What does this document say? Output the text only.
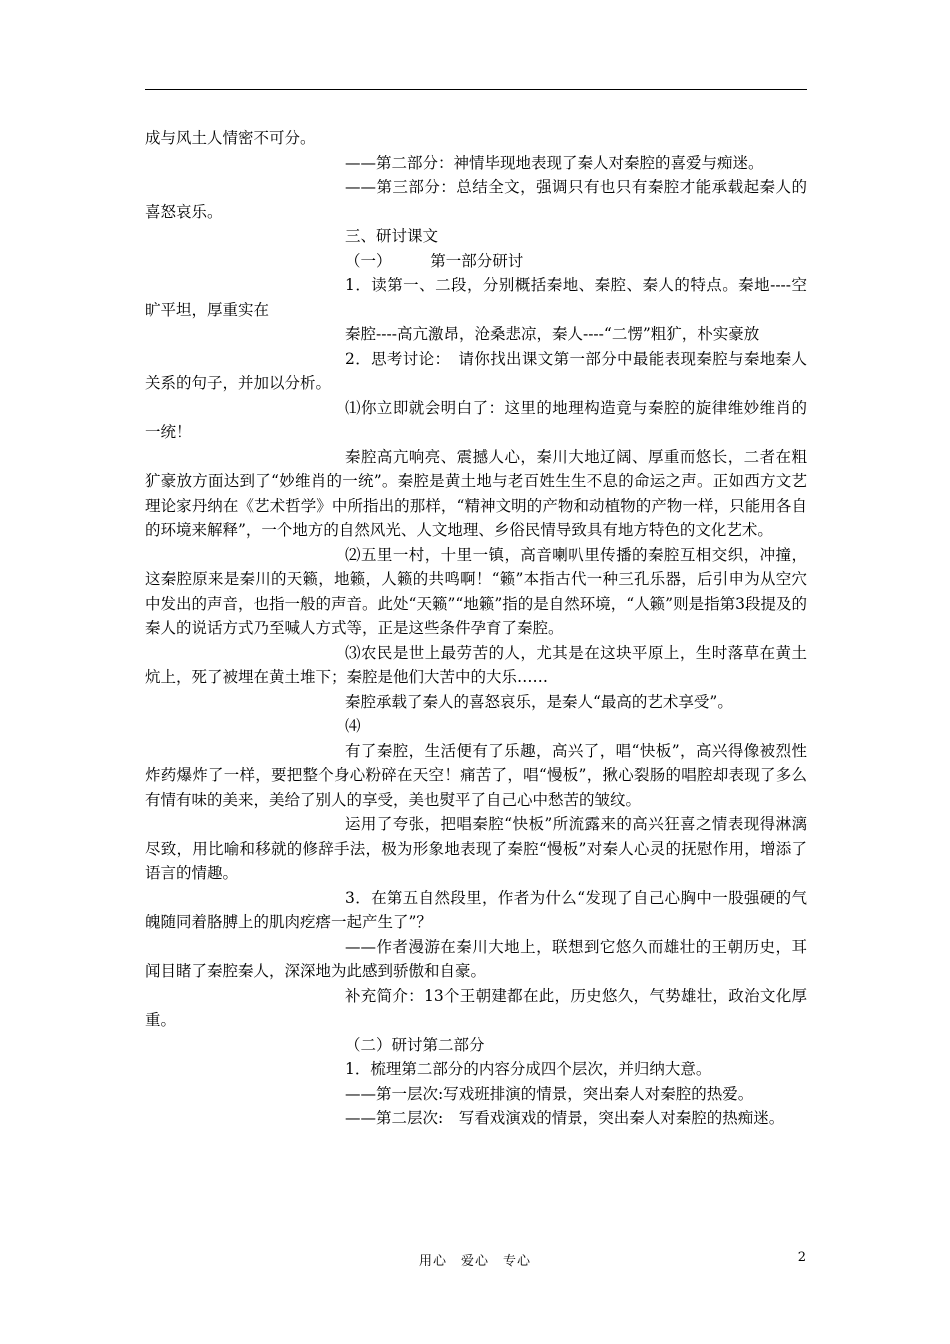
成与风土人情密不可分。

——第二部分：神情毕现地表现了秦人对秦腔的喜爱与痴迷。

——第三部分：总结全文，强调只有也只有秦腔才能承载起秦人的喜怒哀乐。

三、研讨课文

（一）　　　第一部分研讨

1．读第一、二段，分别概括秦地、秦腔、秦人的特点。秦地----空旷平坦，厚重实在

秦腔----高亢激昂，沧桑悲凉，秦人----“二愣”粗犷，朴实豪放

2．思考讨论：　请你找出课文第一部分中最能表现秦腔与秦地秦人关系的句子，并加以分析。

⑴你立即就会明白了：这里的地理构造竟与秦腔的旋律维妙维肖的一统！

秦腔高亢响亮、震撼人心，秦川大地辽阔、厚重而悠长，二者在粗犷豪放方面达到了“妙维肖的一统”。秦腔是黄土地与老百姓生生不息的命运之声。正如西方文艺理论家丹纳在《艺术哲学》中所指出的那样，“精神文明的产物和动植物的产物一样，只能用各自的环境来解释”，一个地方的自然风光、人文地理、乡俗民情导致具有地方特色的文化艺术。

⑵五里一村，十里一镇，高音喇叭里传播的秦腔互相交织，冲撞，这秦腔原来是秦川的天籁，地籁，人籁的共鸣啊！“籁”本指古代一种三孔乐器，后引申为从空穴中发出的声音，也指一般的声音。此处“天籁”“地籁”指的是自然环境，“人籁”则是指第3段提及的秦人的说话方式乃至喊人方式等，正是这些条件孕育了秦腔。

⑶农民是世上最劳苦的人，尤其是在这块平原上，生时落草在黄土炕上，死了被埋在黄土堆下；秦腔是他们大苦中的大乐……

秦腔承载了秦人的喜怒哀乐，是秦人“最高的艺术享受”。

⑷

有了秦腔，生活便有了乐趣，高兴了，唱“快板”，高兴得像被烈性炸药爆炸了一样，要把整个身心粉碎在天空！痛苦了，唱“慢板”，揪心裂肠的唱腔却表现了多么有情有味的美来，美给了别人的享受，美也熨平了自己心中愁苦的皱纹。

运用了夸张，把唱秦腔“快板”所流露来的高兴狂喜之情表现得淋漓尽致，用比喻和移就的修辞手法，极为形象地表现了秦腔“慢板”对秦人心灵的抚慰作用，增添了语言的情趣。

3．在第五自然段里，作者为什么“发现了自己心胸中一股强硬的气魄随同着胳膊上的肌肉疙瘩一起产生了”？

——作者漫游在秦川大地上，联想到它悠久而雄壮的王朝历史，耳闻目睹了秦腔秦人，深深地为此感到骄傲和自豪。

补充简介：13个王朝建都在此，历史悠久，气势雄壮，政治文化厚重。

（二）研讨第二部分

1．梳理第二部分的内容分成四个层次，并归纳大意。

——第一层次:写戏班排演的情景，突出秦人对秦腔的热爱。

——第二层次:　写看戏演戏的情景，突出秦人对秦腔的热痴迷。

用心　爱心　专心	2
